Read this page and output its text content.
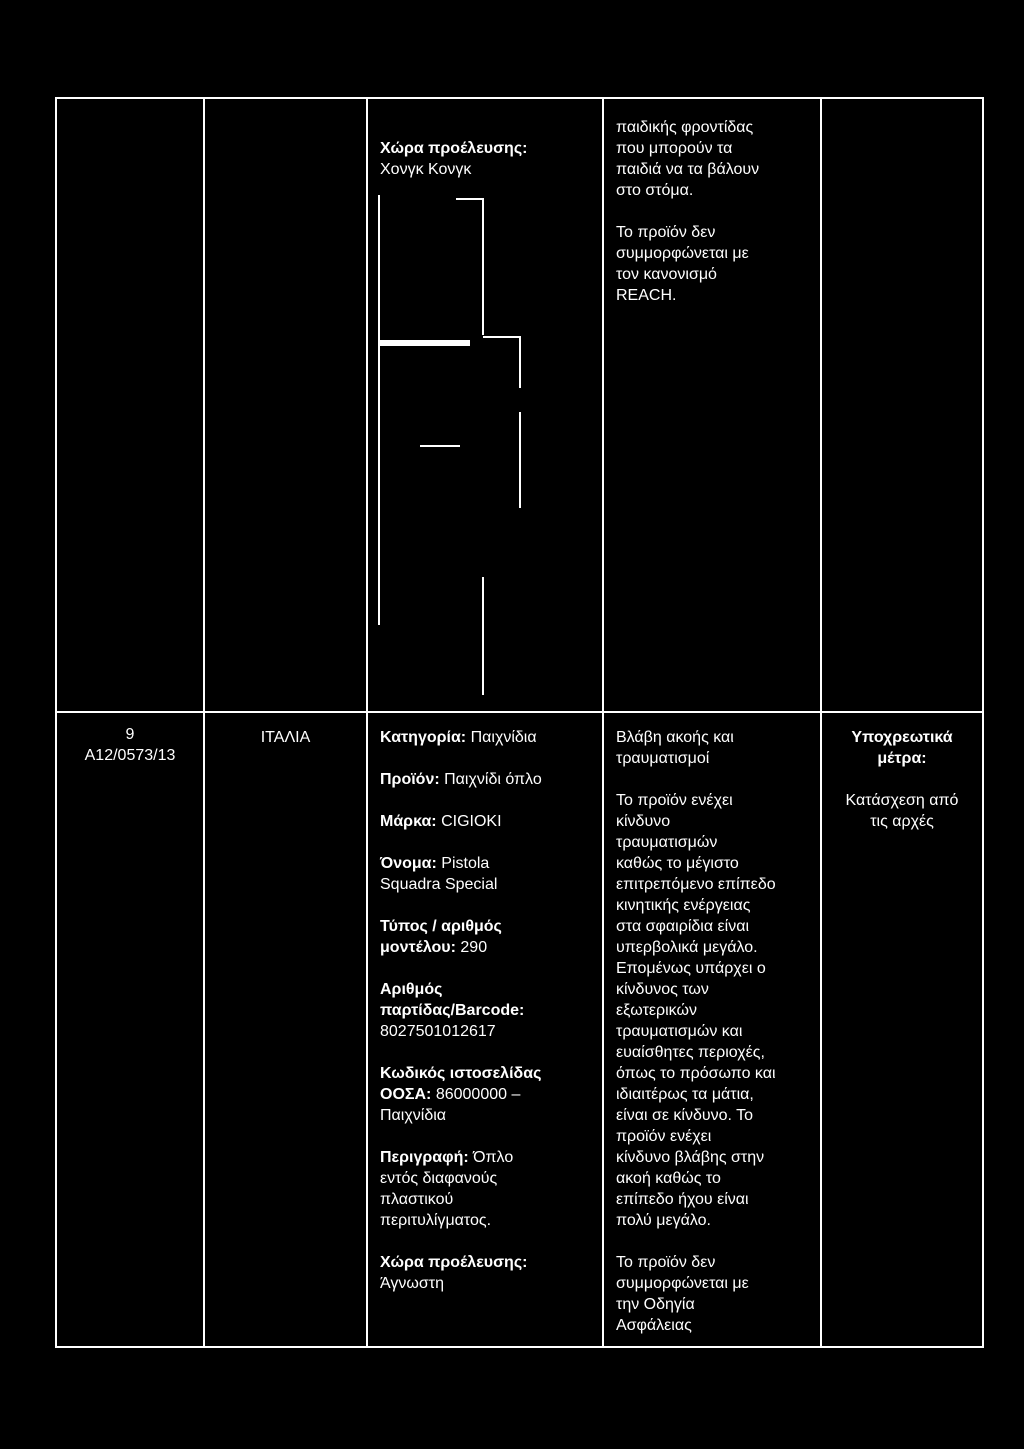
Χώρα προέλευσης:

Χονγκ Κονγκ

παιδικής φροντίδας

που μπορούν τα

παιδιά να τα βάλουν

στο στόμα.

Το προϊόν δεν

συμμορφώνεται με

τον κανονισμό

REACH.

9

A12/0573/13

ΙΤΑΛΙΑ	Κατηγορία: Παιχνίδια

Προϊόν: Παιχνίδι όπλο

Μάρκα: CIGIOKI

Όνομα: Pistola

Squadra Special

Τύπος / αριθμός

μοντέλου: 290

Αριθμός

παρτίδας/Barcode:

8027501012617

Κωδικός ιστοσελίδας

ΟΟΣΑ: 86000000 –

Παιχνίδια

Περιγραφή: Όπλο

εντός διαφανούς

πλαστικού

περιτυλίγματος.

Χώρα προέλευσης:

Άγνωστη

Βλάβη ακοής και

τραυματισμοί

Το προϊόν ενέχει

κίνδυνο

τραυματισμών

καθώς το μέγιστο

επιτρεπόμενο επίπεδο

κινητικής ενέργειας

στα σφαιρίδια είναι

υπερβολικά μεγάλο.

Επομένως υπάρχει ο

κίνδυνος των

εξωτερικών

τραυματισμών και

ευαίσθητες περιοχές,

όπως το πρόσωπο και

ιδιαιτέρως τα μάτια,

είναι σε κίνδυνο. Το

προϊόν ενέχει

κίνδυνο βλάβης στην

ακοή καθώς το

επίπεδο ήχου είναι

πολύ μεγάλο.

Το προϊόν δεν

συμμορφώνεται με

την Οδηγία

Ασφάλειας

Υποχρεωτικά

μέτρα:

Κατάσχεση από

τις αρχές
